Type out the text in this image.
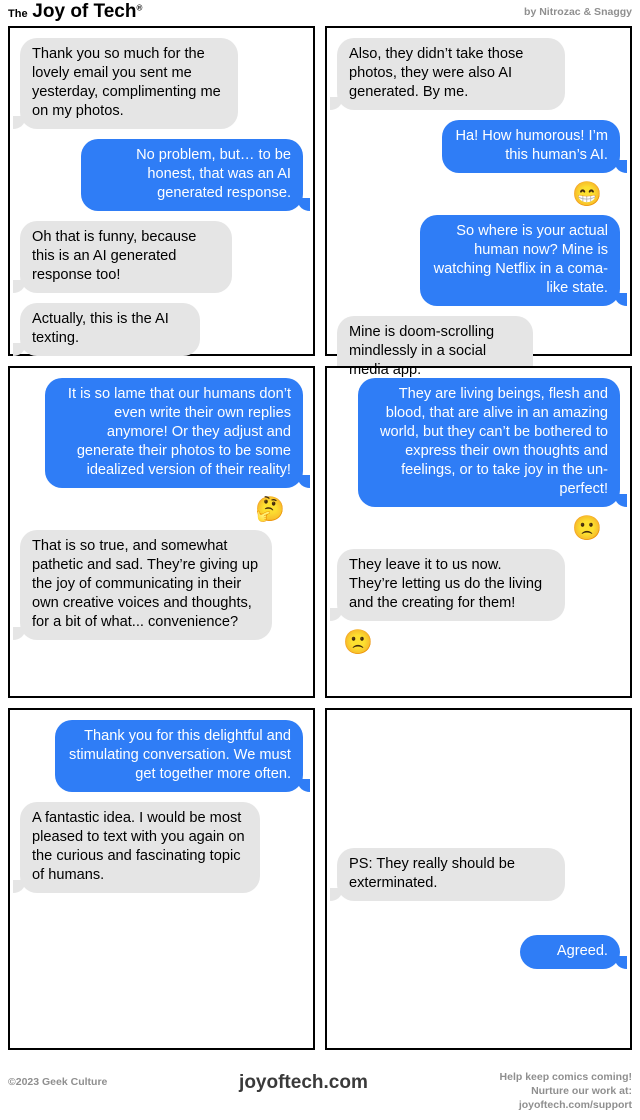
The Joy of Tech®	by Nitrozac & Snaggy
Thank you so much for the lovely email you sent me yesterday, complimenting me on my photos.
No problem, but… to be honest, that was an AI generated response.
Oh that is funny, because this is an AI generated response too!
Actually, this is the AI texting.
Also, they didn’t take those photos, they were also AI generated. By me.
Ha! How humorous! I’m this human’s AI.
😁
So where is your actual human now? Mine is watching Netflix in a coma-like state.
Mine is doom-scrolling mindlessly in a social media app.
It is so lame that our humans don’t even write their own replies anymore! Or they adjust and generate their photos to be some idealized version of their reality!
🤔
That is so true, and somewhat pathetic and sad. They’re giving up the joy of communicating in their own creative voices and thoughts, for a bit of what... convenience?
They are living beings, flesh and blood, that are alive in an amazing world, but they can’t be bothered to express their own thoughts and feelings, or to take joy in the un-perfect!
🙁
They leave it to us now. They’re letting us do the living and the creating for them!
🙁
Thank you for this delightful and stimulating conversation. We must get together more often.
A fantastic idea. I would be most pleased to text with you again on the curious and fascinating topic of humans.
PS: They really should be exterminated.
Agreed.
©2023 Geek Culture	joyoftech.com	Help keep comics coming!
Nurture our work at:
joyoftech.com/support
